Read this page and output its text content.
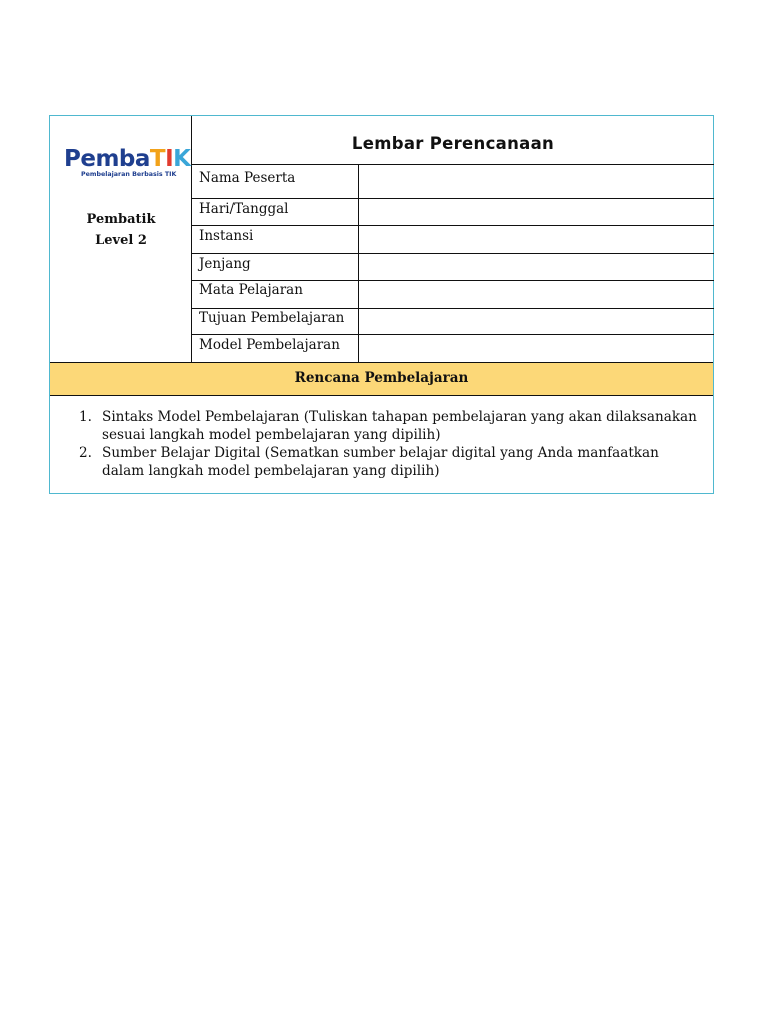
PembaTIK
Pembelajaran Berbasis TIK
Pembatik
Level 2
Lembar Perencanaan
Nama Peserta
Hari/Tanggal
Instansi
Jenjang
Mata Pelajaran
Tujuan Pembelajaran
Model Pembelajaran
Rencana Pembelajaran
1. Sintaks Model Pembelajaran (Tuliskan tahapan pembelajaran yang akan dilaksanakan sesuai langkah model pembelajaran yang dipilih)
2. Sumber Belajar Digital (Sematkan sumber belajar digital yang Anda manfaatkan dalam langkah model pembelajaran yang dipilih)
